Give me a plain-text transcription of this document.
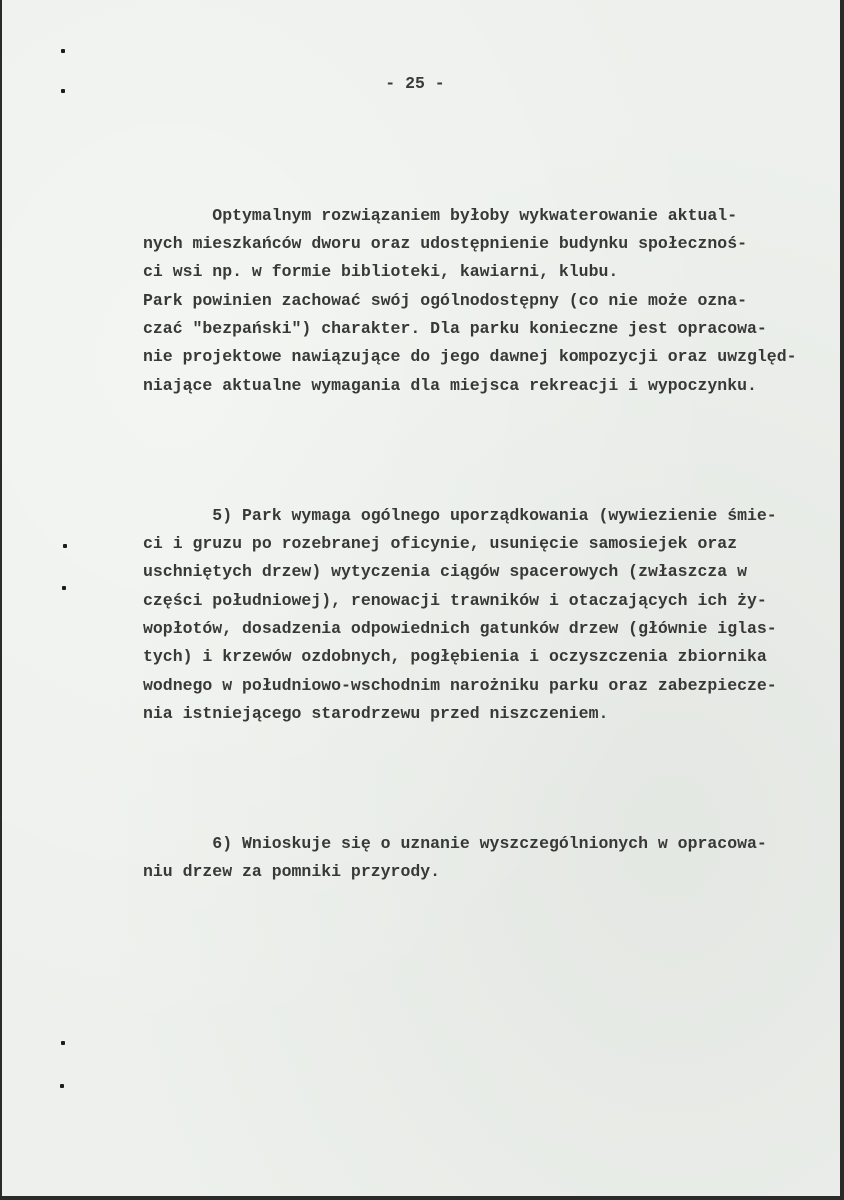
- 25 -

Optymalnym rozwiązaniem byłoby wykwaterowanie aktual-
nych mieszkańców dworu oraz udostępnienie budynku społecznoś-
ci wsi np. w formie biblioteki, kawiarni, klubu.
Park powinien zachować swój ogólnodostępny (co nie może ozna-
czać "bezpański") charakter. Dla parku konieczne jest opracowa-
nie projektowe nawiązujące do jego dawnej kompozycji oraz uwzględ-
niające aktualne wymagania dla miejsca rekreacji i wypoczynku.

5) Park wymaga ogólnego uporządkowania (wywiezienie śmie-
ci i gruzu po rozebranej oficynie, usunięcie samosiejek oraz
uschniętych drzew) wytyczenia ciągów spacerowych (zwłaszcza w
części południowej), renowacji trawników i otaczających ich ży-
wopłotów, dosadzenia odpowiednich gatunków drzew (głównie iglas-
tych) i krzewów ozdobnych, pogłębienia i oczyszczenia zbiornika
wodnego w południowo-wschodnim narożniku parku oraz zabezpiecze-
nia istniejącego starodrzewu przed niszczeniem.

6) Wnioskuje się o uznanie wyszczególnionych w opracowa-
niu drzew za pomniki przyrody.
